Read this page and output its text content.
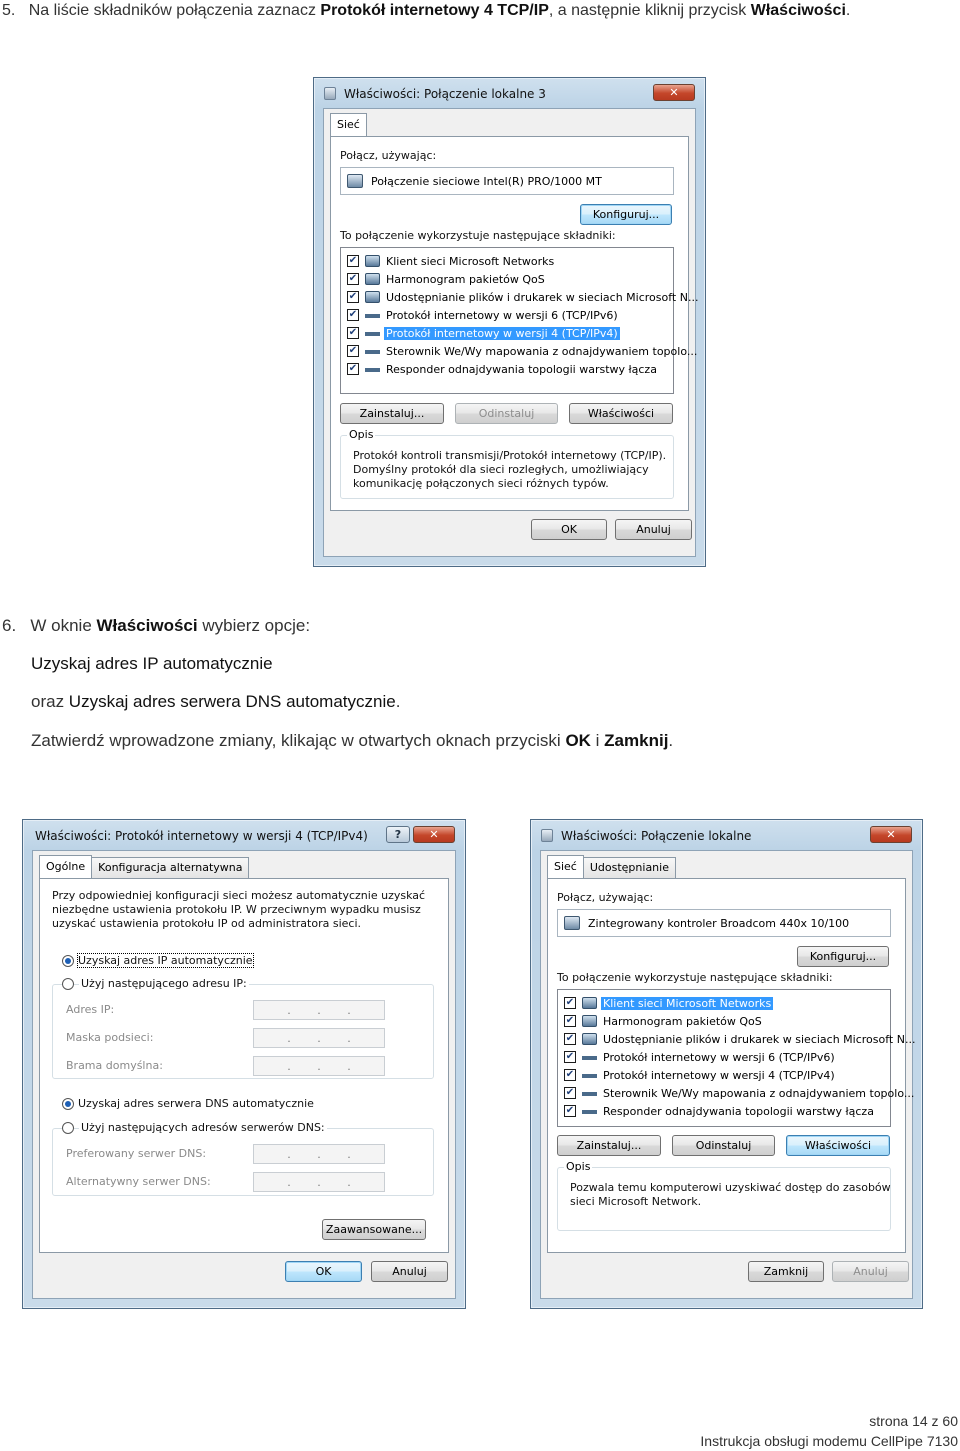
5. Na liście składników połączenia zaznacz Protokół internetowy 4 TCP/IP, a następnie kliknij przycisk Właściwości.
Właściwości: Połączenie lokalne 3	✕
Sieć
Połącz, używając:
Połączenie sieciowe Intel(R) PRO/1000 MT
Konfiguruj...
To połączenie wykorzystuje następujące składniki:
✔	Klient sieci Microsoft Networks
✔	Harmonogram pakietów QoS
✔	Udostępnianie plików i drukarek w sieciach Microsoft N...
✔	Protokół internetowy w wersji 6 (TCP/IPv6)
✔	Protokół internetowy w wersji 4 (TCP/IPv4)
✔	Sterownik We/Wy mapowania z odnajdywaniem topolo...
✔	Responder odnajdywania topologii warstwy łącza
Zainstaluj...	Odinstaluj	Właściwości
Opis
Protokół kontroli transmisji/Protokół internetowy (TCP/IP).
Domyślny protokół dla sieci rozległych, umożliwiający
komunikację połączonych sieci różnych typów.
OK	Anuluj
6. W oknie Właściwości wybierz opcje:
Uzyskaj adres IP automatycznie
oraz Uzyskaj adres serwera DNS automatycznie.
Zatwierdź wprowadzone zmiany, klikając w otwartych oknach przyciski OK i Zamknij.
Właściwości: Protokół internetowy w wersji 4 (TCP/IPv4)	?	✕
Ogólne	Konfiguracja alternatywna
Przy odpowiedniej konfiguracji sieci możesz automatycznie uzyskać
niezbędne ustawienia protokołu IP. W przeciwnym wypadku musisz
uzyskać ustawienia protokołu IP od administratora sieci.
Uzyskaj adres IP automatycznie
Użyj następującego adresu IP:
Adres IP:	. . .
Maska podsieci:	. . .
Brama domyślna:	. . .
Uzyskaj adres serwera DNS automatycznie
Użyj następujących adresów serwerów DNS:
Preferowany serwer DNS:	. . .
Alternatywny serwer DNS:	. . .
Zaawansowane...
OK	Anuluj
Właściwości: Połączenie lokalne	✕
Sieć	Udostępnianie
Połącz, używając:
Zintegrowany kontroler Broadcom 440x 10/100
Konfiguruj...
To połączenie wykorzystuje następujące składniki:
✔	Klient sieci Microsoft Networks
✔	Harmonogram pakietów QoS
✔	Udostępnianie plików i drukarek w sieciach Microsoft N...
✔	Protokół internetowy w wersji 6 (TCP/IPv6)
✔	Protokół internetowy w wersji 4 (TCP/IPv4)
✔	Sterownik We/Wy mapowania z odnajdywaniem topolo...
✔	Responder odnajdywania topologii warstwy łącza
Zainstaluj...	Odinstaluj	Właściwości
Opis
Pozwala temu komputerowi uzyskiwać dostęp do zasobów
sieci Microsoft Network.
Zamknij	Anuluj
strona 14 z 60
Instrukcja obsługi modemu CellPipe 7130
